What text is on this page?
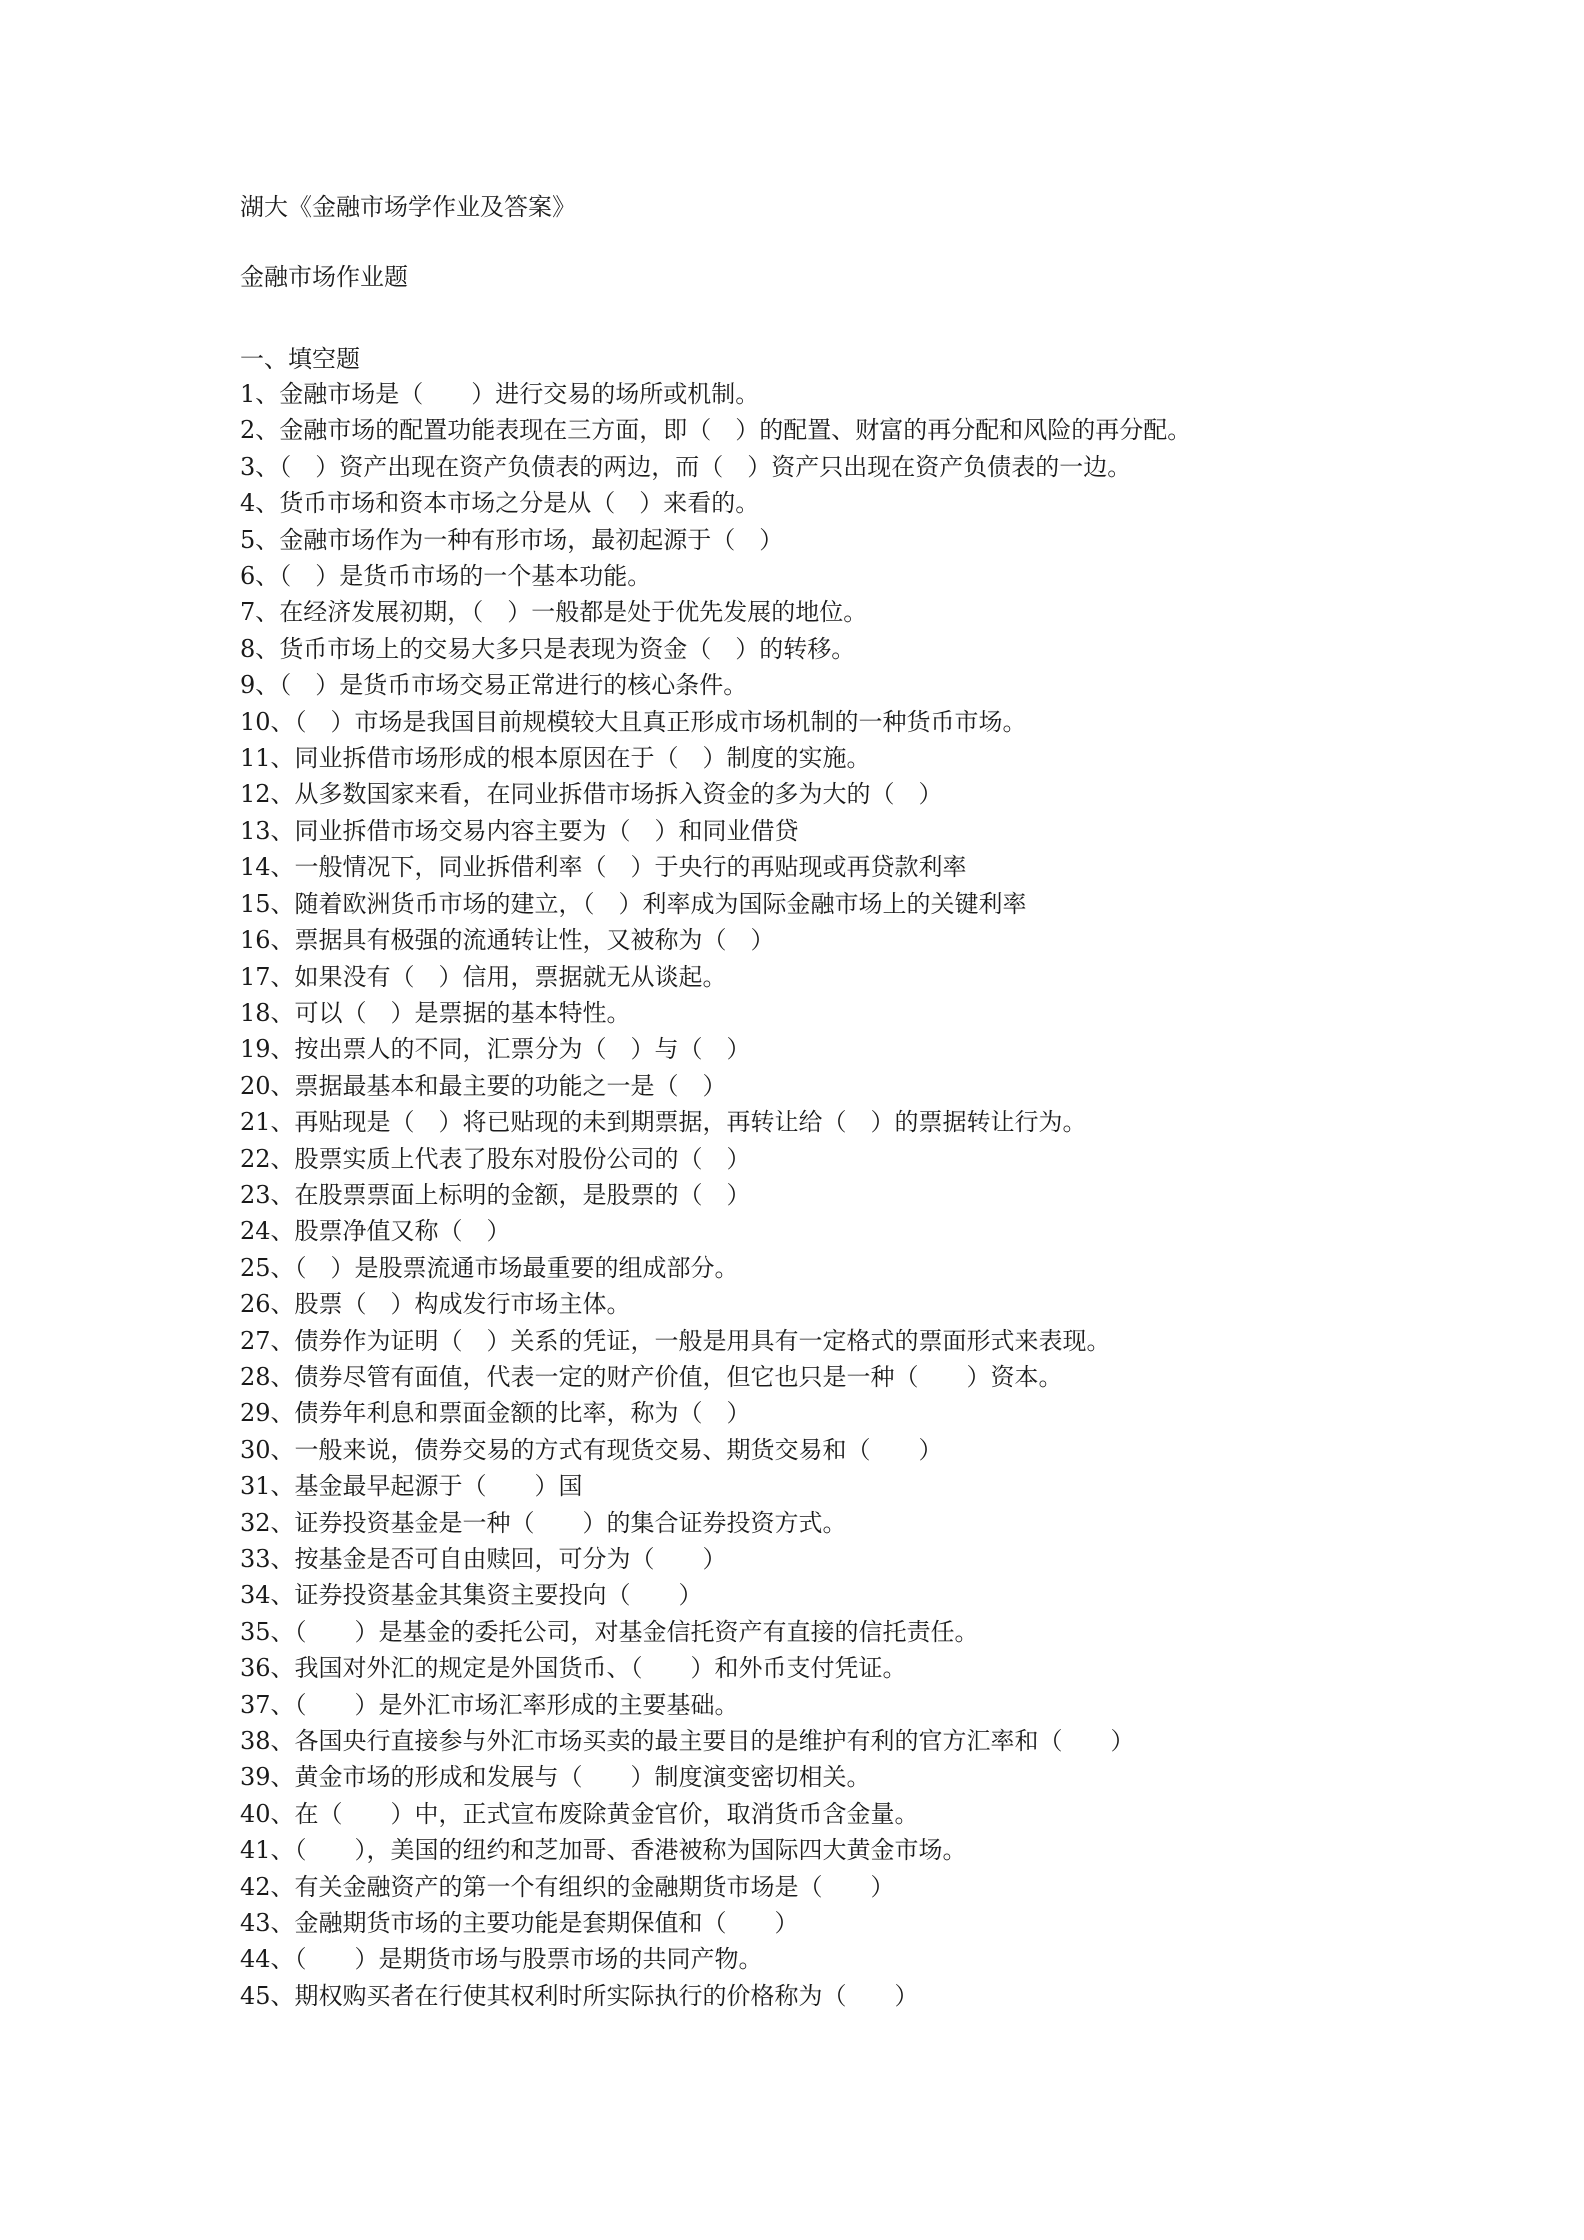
湖大《金融市场学作业及答案》
金融市场作业题
一、填空题
1、金融市场是（　　）进行交易的场所或机制。
2、金融市场的配置功能表现在三方面，即（　）的配置、财富的再分配和风险的再分配。
3、（　）资产出现在资产负债表的两边，而（　）资产只出现在资产负债表的一边。
4、货币市场和资本市场之分是从（　）来看的。
5、金融市场作为一种有形市场，最初起源于（　）
6、（　）是货币市场的一个基本功能。
7、在经济发展初期，（　）一般都是处于优先发展的地位。
8、货币市场上的交易大多只是表现为资金（　）的转移。
9、（　）是货币市场交易正常进行的核心条件。
10、（　）市场是我国目前规模较大且真正形成市场机制的一种货币市场。
11、同业拆借市场形成的根本原因在于（　）制度的实施。
12、从多数国家来看，在同业拆借市场拆入资金的多为大的（　）
13、同业拆借市场交易内容主要为（　）和同业借贷
14、一般情况下，同业拆借利率（　）于央行的再贴现或再贷款利率
15、随着欧洲货币市场的建立，（　）利率成为国际金融市场上的关键利率
16、票据具有极强的流通转让性，又被称为（　）
17、如果没有（　）信用，票据就无从谈起。
18、可以（　）是票据的基本特性。
19、按出票人的不同，汇票分为（　）与（　）
20、票据最基本和最主要的功能之一是（　）
21、再贴现是（　）将已贴现的未到期票据，再转让给（　）的票据转让行为。
22、股票实质上代表了股东对股份公司的（　）
23、在股票票面上标明的金额，是股票的（　）
24、股票净值又称（　）
25、（　）是股票流通市场最重要的组成部分。
26、股票（　）构成发行市场主体。
27、债券作为证明（　）关系的凭证，一般是用具有一定格式的票面形式来表现。
28、债券尽管有面值，代表一定的财产价值，但它也只是一种（　　）资本。
29、债券年利息和票面金额的比率，称为（　）
30、一般来说，债券交易的方式有现货交易、期货交易和（　　）
31、基金最早起源于（　　）国
32、证券投资基金是一种（　　）的集合证券投资方式。
33、按基金是否可自由赎回，可分为（　　）
34、证券投资基金其集资主要投向（　　）
35、（　　）是基金的委托公司，对基金信托资产有直接的信托责任。
36、我国对外汇的规定是外国货币、（　　）和外币支付凭证。
37、（　　）是外汇市场汇率形成的主要基础。
38、各国央行直接参与外汇市场买卖的最主要目的是维护有利的官方汇率和（　　）
39、黄金市场的形成和发展与（　　）制度演变密切相关。
40、在（　　）中，正式宣布废除黄金官价，取消货币含金量。
41、（　　），美国的纽约和芝加哥、香港被称为国际四大黄金市场。
42、有关金融资产的第一个有组织的金融期货市场是（　　）
43、金融期货市场的主要功能是套期保值和（　　）
44、（　　）是期货市场与股票市场的共同产物。
45、期权购买者在行使其权利时所实际执行的价格称为（　　）
